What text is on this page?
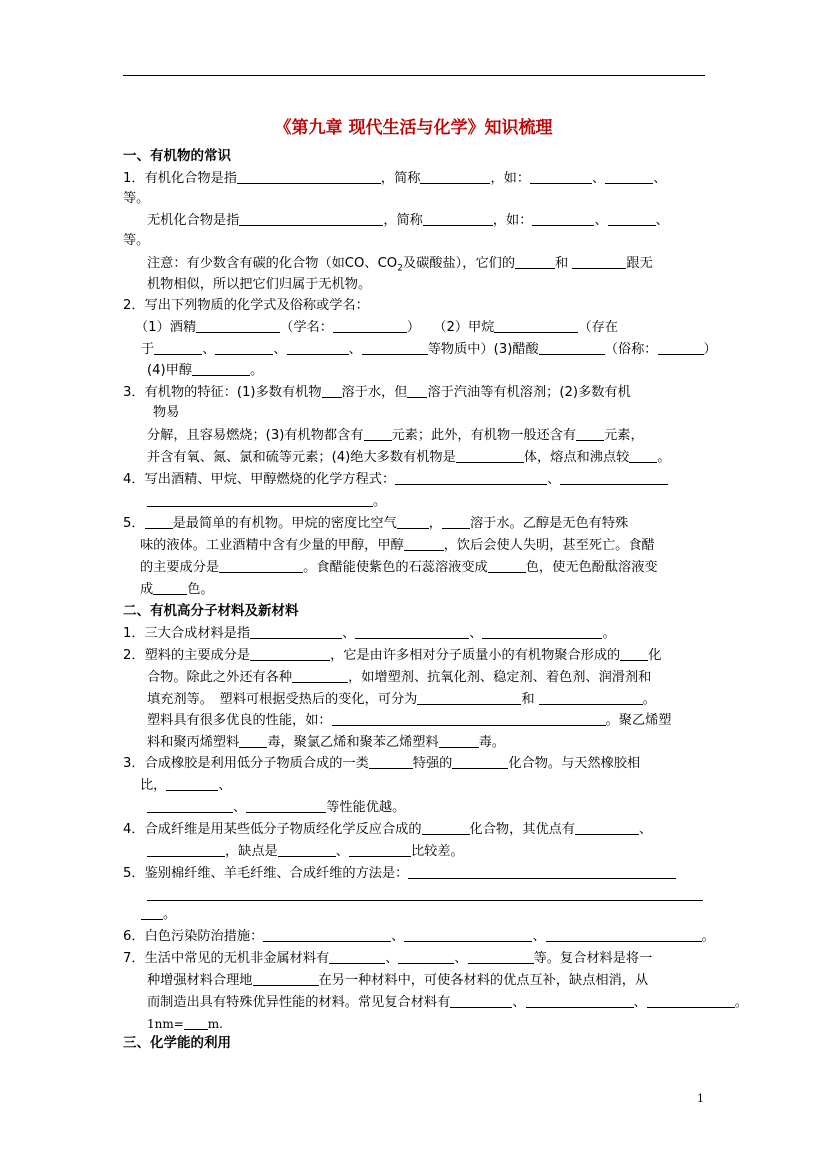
《第九章 现代生活与化学》知识梳理
一、有机物的常识
1．有机化合物是指	，简称	，如：	、	、
等。
无机化合物是指	，简称	，如：	、	、
等。
注意：有少数含有碳的化合物（如CO、$CO_2$及碳酸盐），它们的	和	跟无
机物相似，所以把它们归属于无机物。
2．写出下列物质的化学式及俗称或学名：
（1）酒精	（学名：	）　　 （2）甲烷	（存在
于	、	、	、	等物质中）(3)醋酸	（俗称：	）
(4)甲醇	。
3．有机物的特征：(1)多数有机物 溶于水，但 溶于汽油等有机溶剂；(2)多数有机
物易
分解，且容易燃烧；(3)有机物都含有 元素；此外，有机物一般还含有 元素，
并含有氧、氮、氯和硫等元素；(4)绝大多数有机物是	体，熔点和沸点较 。
4．写出酒精、甲烷、甲醇燃烧的化学方程式：	、
。
5． 是最简单的有机物。甲烷的密度比空气 ， 溶于水。乙醇是无色有特殊
味的液体。工业酒精中含有少量的甲醇，甲醇	，饮后会使人失明，甚至死亡。食醋
的主要成分是	。食醋能使紫色的石蕊溶液变成	色，使无色酚酞溶液变
成	色。
二、有机高分子材料及新材料
1．三大合成材料是指	、	、	。
2．塑料的主要成分是	，它是由许多相对分子质量小的有机物聚合形成的 化
合物。除此之外还有各种	，如增塑剂、抗氧化剂、稳定剂、着色剂、润滑剂和
填充剂等。　塑料可根据受热后的变化，可分为	和	。
塑料具有很多优良的性能，如：	。聚乙烯塑
料和聚丙烯塑料 毒，聚氯乙烯和聚苯乙烯塑料	毒。
3．合成橡胶是利用低分子物质合成的一类	特强的	化合物。与天然橡胶相
比，	、
、	等性能优越。
4．合成纤维是用某些低分子物质经化学反应合成的	化合物，其优点有	、
，缺点是	、	比较差。
5．鉴别棉纤维、羊毛纤维、合成纤维的方法是：
。
6．白色污染防治措施：	、	、	。
7．生活中常见的无机非金属材料有	、	、	等。复合材料是将一
种增强材料合理地	在另一种材料中，可使各材料的优点互补，缺点相消，从
而制造出具有特殊优异性能的材料。常见复合材料有	、	、	。
1nm= m.
三、化学能的利用
1
